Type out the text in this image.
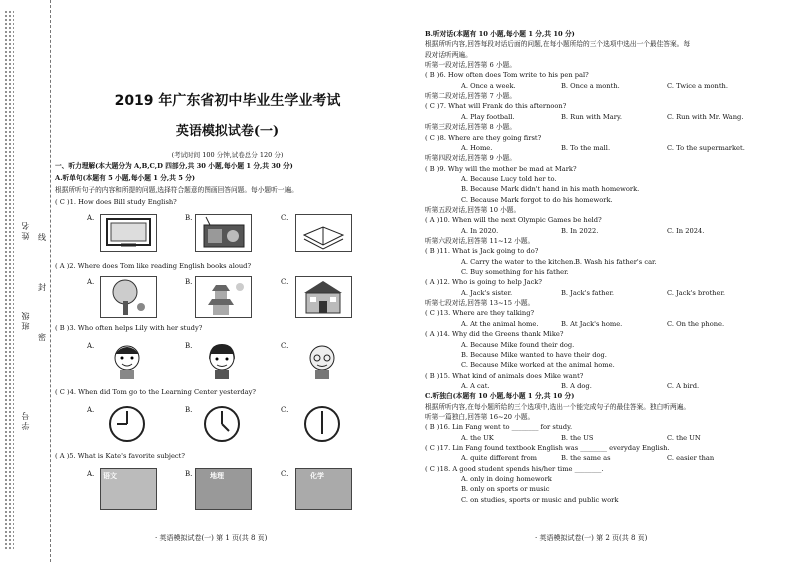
姓名
班级
学号
线
封
密
2019 年广东省初中毕业生学业考试
英语模拟试卷(一)
(考试时间 100 分钟,试卷总分 120 分)
一、听力理解(本大题分为 A,B,C,D 四部分,共 30 小题,每小题 1 分,共 30 分)
A.听单句(本题有 5 小题,每小题 1 分,共 5 分)
根据所听句子的内容和所提的问题,选择符合题意的图画回答问题。每小题听一遍。
( C )1. How does Bill study English?
A.	B.	C.
( A )2. Where does Tom like reading English books aloud?
A.	B.	C.
( B )3. Who often helps Lily with her study?
A.	B.	C.
( C )4. When did Tom go to the Learning Center yesterday?
A.	B.	C.
( A )5. What is Kate's favorite subject?
A. 语文	B.	地理	C.	化学
· 英语模拟试卷(一) 第 1 页(共 8 页)
B.听对话(本题有 10 小题,每小题 1 分,共 10 分)
根据所听内容,回答每段对话后面的问题,在每小题所给的三个选项中选出一个最佳答案。每
段对话听两遍。
听第一段对话,回答第 6 小题。
( B )6. How often does Tom write to his pen pal?
A. Once a week.	B. Once a month.	C. Twice a month.
听第二段对话,回答第 7 小题。
( C )7. What will Frank do this afternoon?
A. Play football.	B. Run with Mary.	C. Run with Mr. Wang.
听第三段对话,回答第 8 小题。
( C )8. Where are they going first?
A. Home.	B. To the mall.	C. To the supermarket.
听第四段对话,回答第 9 小题。
( B )9. Why will the mother be mad at Mark?
A. Because Lucy told her to.
B. Because Mark didn't hand in his math homework.
C. Because Mark forgot to do his homework.
听第五段对话,回答第 10 小题。
( A )10. When will the next Olympic Games be held?
A. In 2020.	B. In 2022.	C. In 2024.
听第六段对话,回答第 11~12 小题。
( B )11. What is Jack going to do?
A. Carry the water to the kitchen. B. Wash his father's car.
C. Buy something for his father.
( A )12. Who is going to help Jack?
A. Jack's sister.	B. Jack's father.	C. Jack's brother.
听第七段对话,回答第 13~15 小题。
( C )13. Where are they talking?
A. At the animal home.	B. At Jack's home.	C. On the phone.
( A )14. Why did the Greens thank Mike?
A. Because Mike found their dog.
B. Because Mike wanted to have their dog.
C. Because Mike worked at the animal home.
( B )15. What kind of animals does Mike want?
A. A cat.	B. A dog.	C. A bird.
C.听独白(本题有 10 小题,每小题 1 分,共 10 分)
根据所听内容,在每小题所给的三个选项中,选出一个能完成句子的最佳答案。独白听两遍。
听第一篇独白,回答第 16~20 小题。
( B )16. Lin Fang went to ________ for study.
A. the UK	B. the US	C. the UN
( C )17. Lin Fang found textbook English was ________ everyday English.
A. quite different from	B. the same as	C. easier than
( C )18. A good student spends his/her time ________.
A. only in doing homework
B. only on sports or music
C. on studies, sports or music and public work
· 英语模拟试卷(一) 第 2 页(共 8 页)
